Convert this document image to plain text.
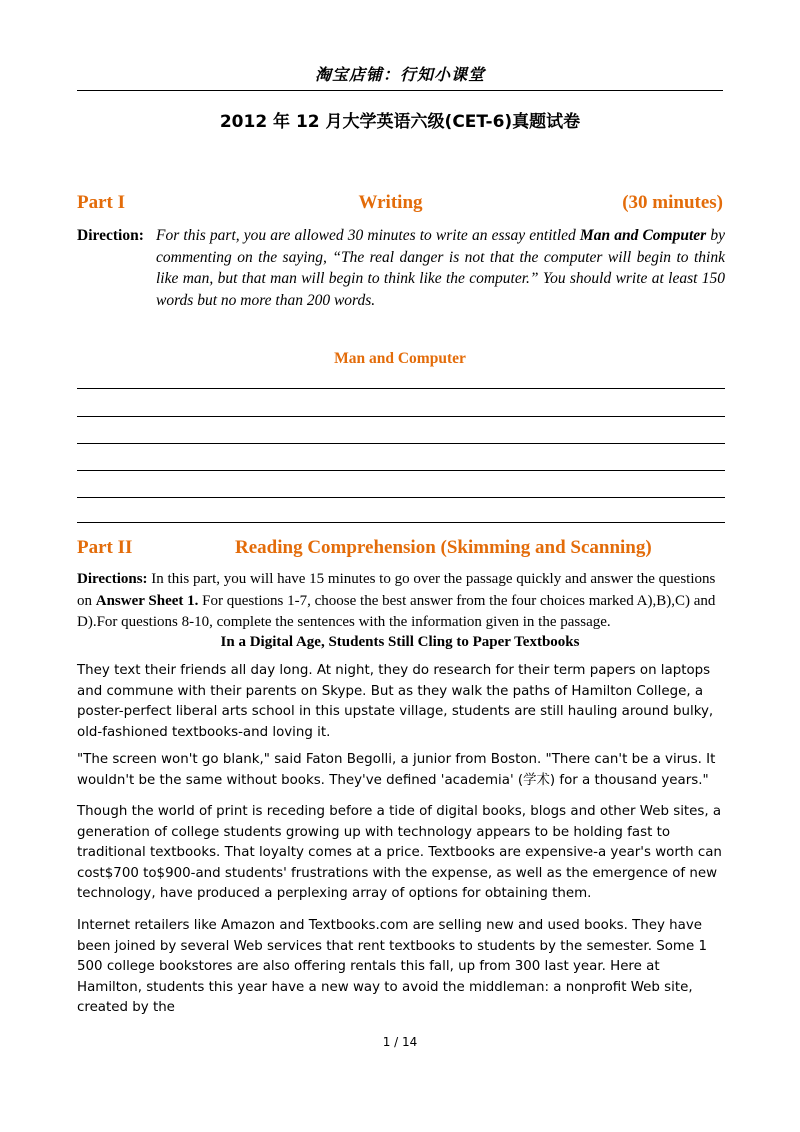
淘宝店铺：行知小课堂
2012 年 12 月大学英语六级(CET-6)真题试卷
Part I	Writing	(30 minutes)
Direction: For this part, you are allowed 30 minutes to write an essay entitled Man and Computer by commenting on the saying, “The real danger is not that the computer will begin to think like man, but that man will begin to think like the computer.” You should write at least 150 words but no more than 200 words.
Man and Computer
Part II	Reading Comprehension (Skimming and Scanning)
Directions: In this part, you will have 15 minutes to go over the passage quickly and answer the questions on Answer Sheet 1. For questions 1-7, choose the best answer from the four choices marked A),B),C) and D).For questions 8-10, complete the sentences with the information given in the passage.
In a Digital Age, Students Still Cling to Paper Textbooks
They text their friends all day long. At night, they do research for their term papers on laptops and commune with their parents on Skype. But as they walk the paths of Hamilton College, a poster-perfect liberal arts school in this upstate village, students are still hauling around bulky, old-fashioned textbooks-and loving it.
"The screen won't go blank," said Faton Begolli, a junior from Boston. "There can't be a virus. It wouldn't be the same without books. They've defined 'academia' (学术) for a thousand years."
Though the world of print is receding before a tide of digital books, blogs and other Web sites, a generation of college students growing up with technology appears to be holding fast to traditional textbooks. That loyalty comes at a price. Textbooks are expensive-a year's worth can cost$700 to$900-and students' frustrations with the expense, as well as the emergence of new technology, have produced a perplexing array of options for obtaining them.
Internet retailers like Amazon and Textbooks.com are selling new and used books. They have been joined by several Web services that rent textbooks to students by the semester. Some 1 500 college bookstores are also offering rentals this fall, up from 300 last year. Here at Hamilton, students this year have a new way to avoid the middleman: a nonprofit Web site, created by the
1 / 14
